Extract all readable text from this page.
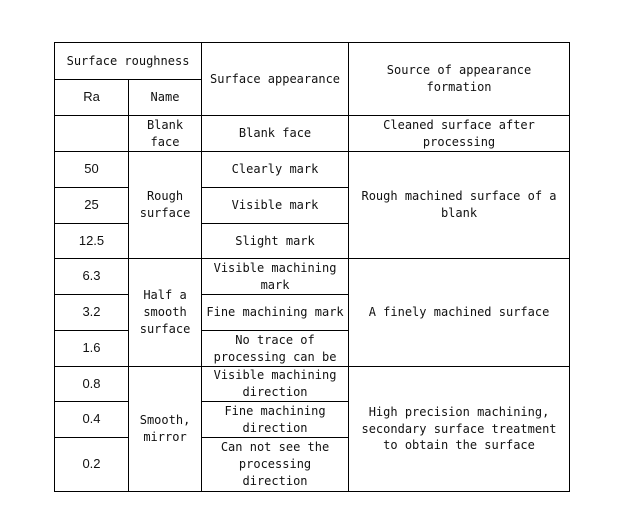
Surface roughness		Surface appearance	Source of appearance formation
Ra	Name		

	Blank face	Blank face	Cleaned surface after processing

50	Rough surface	Clearly mark	Rough machined surface of a blank
25		Visible mark	
12.5		Slight mark	
6.3	Half a smooth surface	Visible machining mark	A finely machined surface
3.2		Fine machining mark	
1.6		No trace of processing can be	

0.8	Smooth, mirror	Visible machining direction	High precision machining, secondary surface treatment to obtain the surface
0.4		Fine machining direction	
0.2		Can not see the processing direction	
